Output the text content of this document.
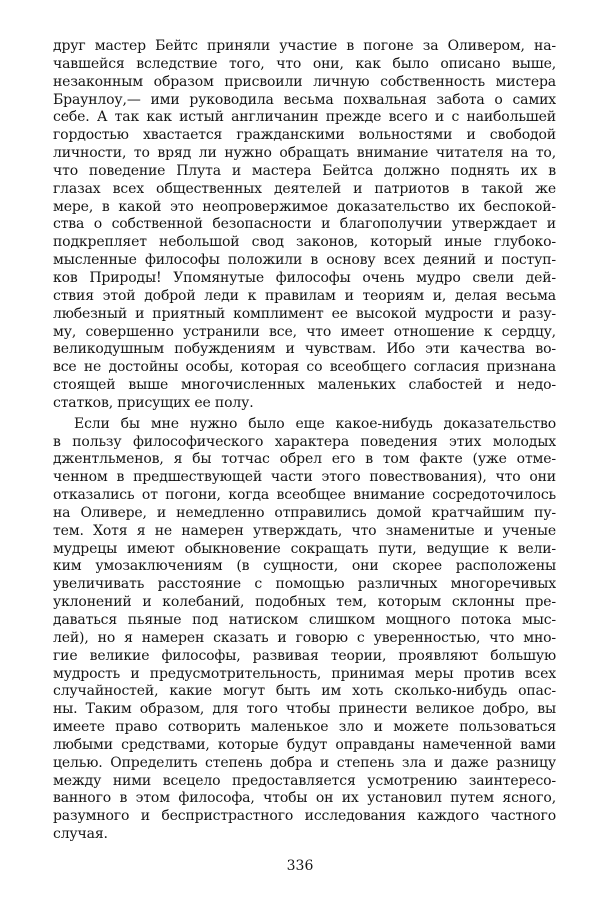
друг мастер Бейтс приняли участие в погоне за Оливером, на-
чавшейся вследствие того, что они, как было описано выше,
незаконным образом присвоили личную собственность мистера
Браунлоу,— ими руководила весьма похвальная забота о самих
себе. А так как истый англичанин прежде всего и с наибольшей
гордостью хвастается гражданскими вольностями и свободой
личности, то вряд ли нужно обращать внимание читателя на то,
что поведение Плута и мастера Бейтса должно поднять их в
глазах всех общественных деятелей и патриотов в такой же
мере, в какой это неопровержимое доказательство их беспокой-
ства о собственной безопасности и благополучии утверждает и
подкрепляет небольшой свод законов, который иные глубоко-
мысленные философы положили в основу всех деяний и поступ-
ков Природы! Упомянутые философы очень мудро свели дей-
ствия этой доброй леди к правилам и теориям и, делая весьма
любезный и приятный комплимент ее высокой мудрости и разу-
му, совершенно устранили все, что имеет отношение к сердцу,
великодушным побуждениям и чувствам. Ибо эти качества во-
все не достойны особы, которая со всеобщего согласия признана
стоящей выше многочисленных маленьких слабостей и недо-
статков, присущих ее полу.
Если бы мне нужно было еще какое-нибудь доказательство
в пользу философического характера поведения этих молодых
джентльменов, я бы тотчас обрел его в том факте (уже отме-
ченном в предшествующей части этого повествования), что они
отказались от погони, когда всеобщее внимание сосредоточилось
на Оливере, и немедленно отправились домой кратчайшим пу-
тем. Хотя я не намерен утверждать, что знаменитые и ученые
мудрецы имеют обыкновение сокращать пути, ведущие к вели-
ким умозаключениям (в сущности, они скорее расположены
увеличивать расстояние с помощью различных многоречивых
уклонений и колебаний, подобных тем, которым склонны пре-
даваться пьяные под натиском слишком мощного потока мыс-
лей), но я намерен сказать и говорю с уверенностью, что мно-
гие великие философы, развивая теории, проявляют большую
мудрость и предусмотрительность, принимая меры против всех
случайностей, какие могут быть им хоть сколько-нибудь опас-
ны. Таким образом, для того чтобы принести великое добро, вы
имеете право сотворить маленькое зло и можете пользоваться
любыми средствами, которые будут оправданы намеченной вами
целью. Определить степень добра и степень зла и даже разницу
между ними всецело предоставляется усмотрению заинтересо-
ванного в этом философа, чтобы он их установил путем ясного,
разумного и беспристрастного исследования каждого частного
случая.
336
